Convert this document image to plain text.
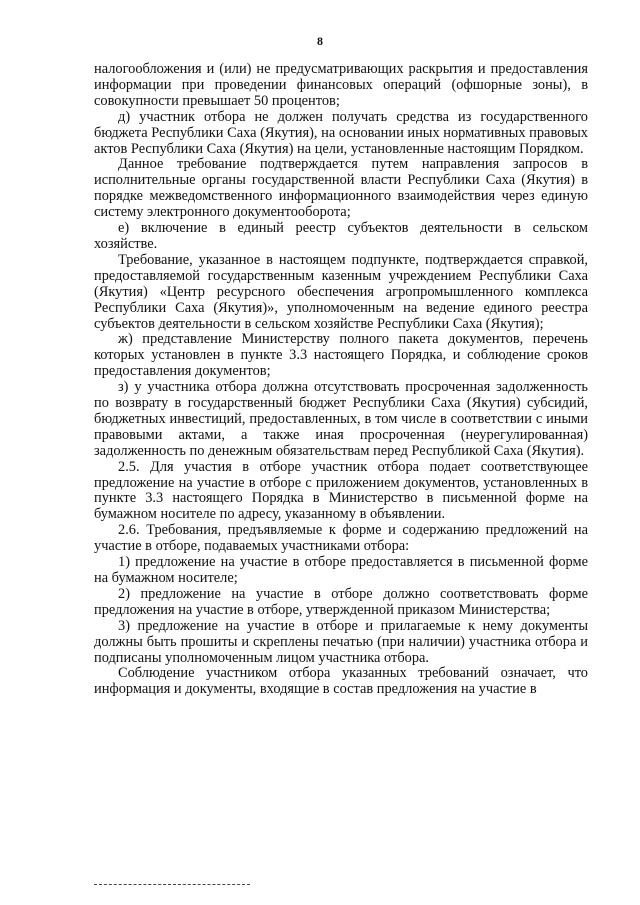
8

налогообложения и (или) не предусматривающих раскрытия и предоставления информации при проведении финансовых операций (офшорные зоны), в совокупности превышает 50 процентов;

д) участник отбора не должен получать средства из государственного бюджета Республики Саха (Якутия), на основании иных нормативных правовых актов Республики Саха (Якутия) на цели, установленные настоящим Порядком.

Данное требование подтверждается путем направления запросов в исполнительные органы государственной власти Республики Саха (Якутия) в порядке межведомственного информационного взаимодействия через единую систему электронного документооборота;

е) включение в единый реестр субъектов деятельности в сельском хозяйстве.

Требование, указанное в настоящем подпункте, подтверждается справкой, предоставляемой государственным казенным учреждением Республики Саха (Якутия) «Центр ресурсного обеспечения агропромышленного комплекса Республики Саха (Якутия)», уполномоченным на ведение единого реестра субъектов деятельности в сельском хозяйстве Республики Саха (Якутия);

ж) представление Министерству полного пакета документов, перечень которых установлен в пункте 3.3 настоящего Порядка, и соблюдение сроков предоставления документов;

з) у участника отбора должна отсутствовать просроченная задолженность по возврату в государственный бюджет Республики Саха (Якутия) субсидий, бюджетных инвестиций, предоставленных, в том числе в соответствии с иными правовыми актами, а также иная просроченная (неурегулированная) задолженность по денежным обязательствам перед Республикой Саха (Якутия).

2.5. Для участия в отборе участник отбора подает соответствующее предложение на участие в отборе с приложением документов, установленных в пункте 3.3 настоящего Порядка в Министерство в письменной форме на бумажном носителе по адресу, указанному в объявлении.

2.6. Требования, предъявляемые к форме и содержанию предложений на участие в отборе, подаваемых участниками отбора:

1) предложение на участие в отборе предоставляется в письменной форме на бумажном носителе;

2) предложение на участие в отборе должно соответствовать форме предложения на участие в отборе, утвержденной приказом Министерства;

3) предложение на участие в отборе и прилагаемые к нему документы должны быть прошиты и скреплены печатью (при наличии) участника отбора и подписаны уполномоченным лицом участника отбора.

Соблюдение участником отбора указанных требований означает, что информация и документы, входящие в состав предложения на участие в
